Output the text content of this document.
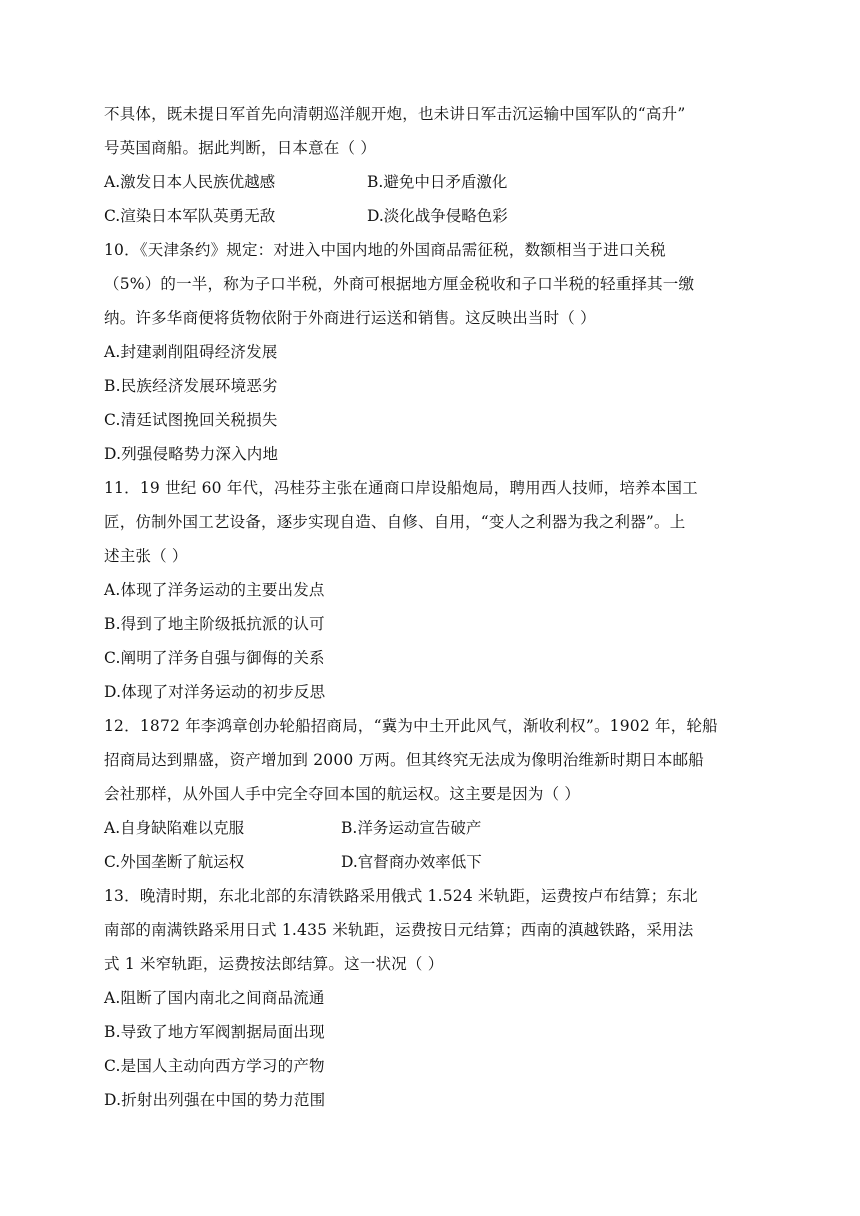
不具体，既未提日军首先向清朝巡洋舰开炮，也未讲日军击沉运输中国军队的“高升”
号英国商船。据此判断，日本意在（ ）
A.激发日本人民族优越感	B.避免中日矛盾激化
C.渲染日本军队英勇无敌	D.淡化战争侵略色彩
10．《天津条约》规定：对进入中国内地的外国商品需征税，数额相当于进口关税
（5%）的一半，称为子口半税，外商可根据地方厘金税收和子口半税的轻重择其一缴
纳。许多华商便将货物依附于外商进行运送和销售。这反映出当时（ ）
A.封建剥削阻碍经济发展
B.民族经济发展环境恶劣
C.清廷试图挽回关税损失
D.列强侵略势力深入内地
11．19 世纪 60 年代，冯桂芬主张在通商口岸设船炮局，聘用西人技师，培养本国工
匠，仿制外国工艺设备，逐步实现自造、自修、自用，“变人之利器为我之利器”。上
述主张（ ）
A.体现了洋务运动的主要出发点
B.得到了地主阶级抵抗派的认可
C.阐明了洋务自强与御侮的关系
D.体现了对洋务运动的初步反思
12．1872 年李鸿章创办轮船招商局，“冀为中土开此风气，渐收利权”。1902 年，轮船
招商局达到鼎盛，资产增加到 2000 万两。但其终究无法成为像明治维新时期日本邮船
会社那样，从外国人手中完全夺回本国的航运权。这主要是因为（ ）
A.自身缺陷难以克服	B.洋务运动宣告破产
C.外国垄断了航运权	D.官督商办效率低下
13．晚清时期，东北北部的东清铁路采用俄式 1.524 米轨距，运费按卢布结算；东北
南部的南满铁路采用日式 1.435 米轨距，运费按日元结算；西南的滇越铁路，采用法
式 1 米窄轨距，运费按法郎结算。这一状况（ ）
A.阻断了国内南北之间商品流通
B.导致了地方军阀割据局面出现
C.是国人主动向西方学习的产物
D.折射出列强在中国的势力范围
